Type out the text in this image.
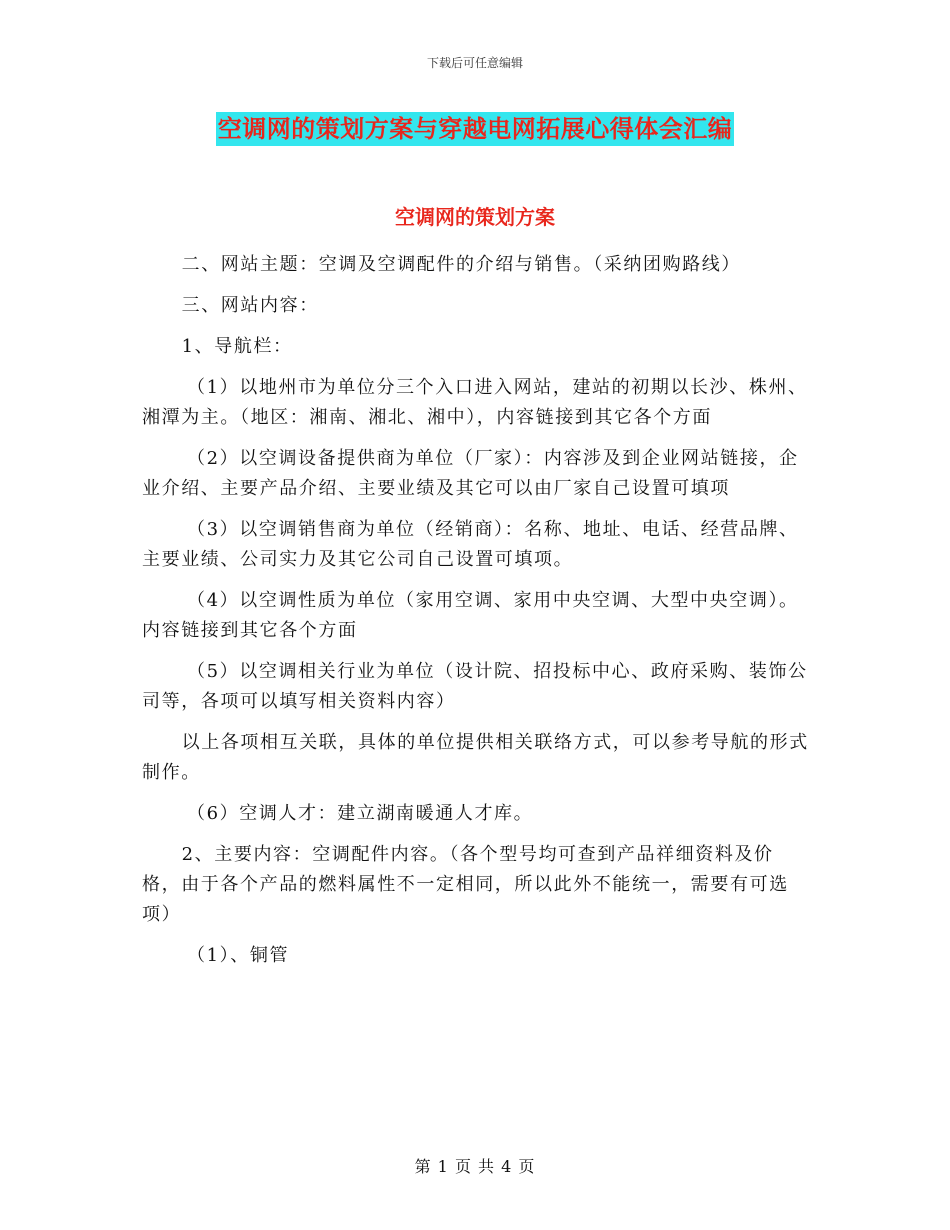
下载后可任意编辑
空调网的策划方案与穿越电网拓展心得体会汇编
空调网的策划方案

二、网站主题：空调及空调配件的介绍与销售。（采纳团购路线）

三、网站内容：

1、导航栏：

（1）以地州市为单位分三个入口进入网站，建站的初期以长沙、株州、湘潭为主。（地区：湘南、湘北、湘中），内容链接到其它各个方面

（2）以空调设备提供商为单位（厂家）：内容涉及到企业网站链接，企业介绍、主要产品介绍、主要业绩及其它可以由厂家自己设置可填项

（3）以空调销售商为单位（经销商）：名称、地址、电话、经营品牌、主要业绩、公司实力及其它公司自己设置可填项。

（4）以空调性质为单位（家用空调、家用中央空调、大型中央空调）。内容链接到其它各个方面

（5）以空调相关行业为单位（设计院、招投标中心、政府采购、装饰公司等，各项可以填写相关资料内容）

以上各项相互关联，具体的单位提供相关联络方式，可以参考导航的形式制作。

（6）空调人才：建立湖南暖通人才库。

2、主要内容：空调配件内容。（各个型号均可查到产品祥细资料及价格，由于各个产品的燃料属性不一定相同，所以此外不能统一，需要有可选项）

（1）、铜管

第 1 页 共 4 页
